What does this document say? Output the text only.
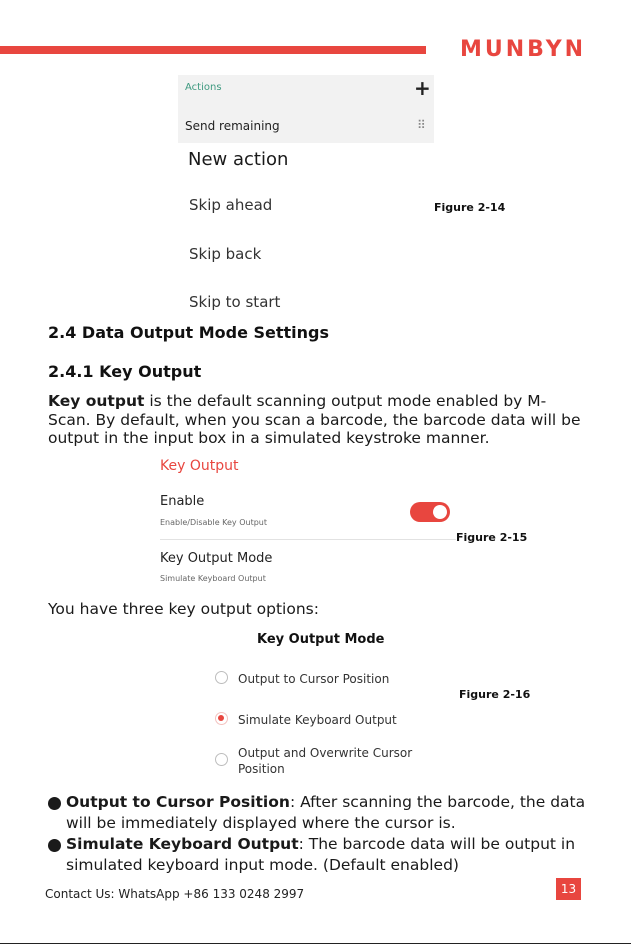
MUNBYN
Actions	+
Send remaining	⠿
New action
Skip ahead
Skip back
Skip to start
Figure 2-14
2.4 Data Output Mode Settings
2.4.1 Key Output
Key output is the default scanning output mode enabled by M-Scan. By default, when you scan a barcode, the barcode data will be output in the input box in a simulated keystroke manner.
Key Output
Enable
Enable/Disable Key Output
Key Output Mode
Simulate Keyboard Output
Figure 2-15
You have three key output options:
Key Output Mode
Output to Cursor Position
Simulate Keyboard Output
Output and Overwrite Cursor Position
Figure 2-16
Output to Cursor Position: After scanning the barcode, the data will be immediately displayed where the cursor is.
Simulate Keyboard Output: The barcode data will be output in simulated keyboard input mode. (Default enabled)
Contact Us: WhatsApp +86 133 0248 2997	13
